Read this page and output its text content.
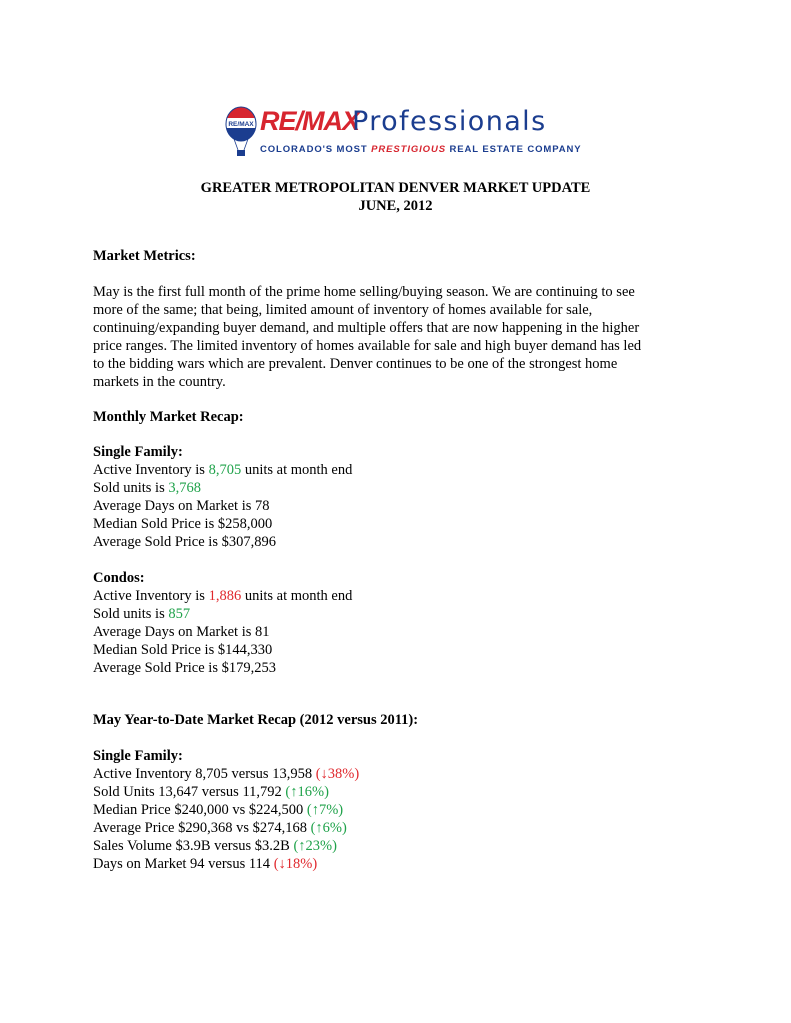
RE/MAX RE/MAX
Professionals
COLORADO'S MOST PRESTIGIOUS REAL ESTATE COMPANY
GREATER METROPOLITAN DENVER MARKET UPDATE
JUNE, 2012
Market Metrics:
May is the first full month of the prime home selling/buying season. We are continuing to see
more of the same; that being, limited amount of inventory of homes available for sale,
continuing/expanding buyer demand, and multiple offers that are now happening in the higher
price ranges. The limited inventory of homes available for sale and high buyer demand has led
to the bidding wars which are prevalent. Denver continues to be one of the strongest home
markets in the country.
Monthly Market Recap:
Single Family:
Active Inventory is 8,705 units at month end
Sold units is 3,768
Average Days on Market is 78
Median Sold Price is $258,000
Average Sold Price is $307,896
Condos:
Active Inventory is 1,886 units at month end
Sold units is 857
Average Days on Market is 81
Median Sold Price is $144,330
Average Sold Price is $179,253
May Year-to-Date Market Recap (2012 versus 2011):
Single Family:
Active Inventory 8,705 versus 13,958 (↓38%)
Sold Units 13,647 versus 11,792 (↑16%)
Median Price $240,000 vs $224,500 (↑7%)
Average Price $290,368 vs $274,168 (↑6%)
Sales Volume $3.9B versus $3.2B (↑23%)
Days on Market 94 versus 114 (↓18%)
